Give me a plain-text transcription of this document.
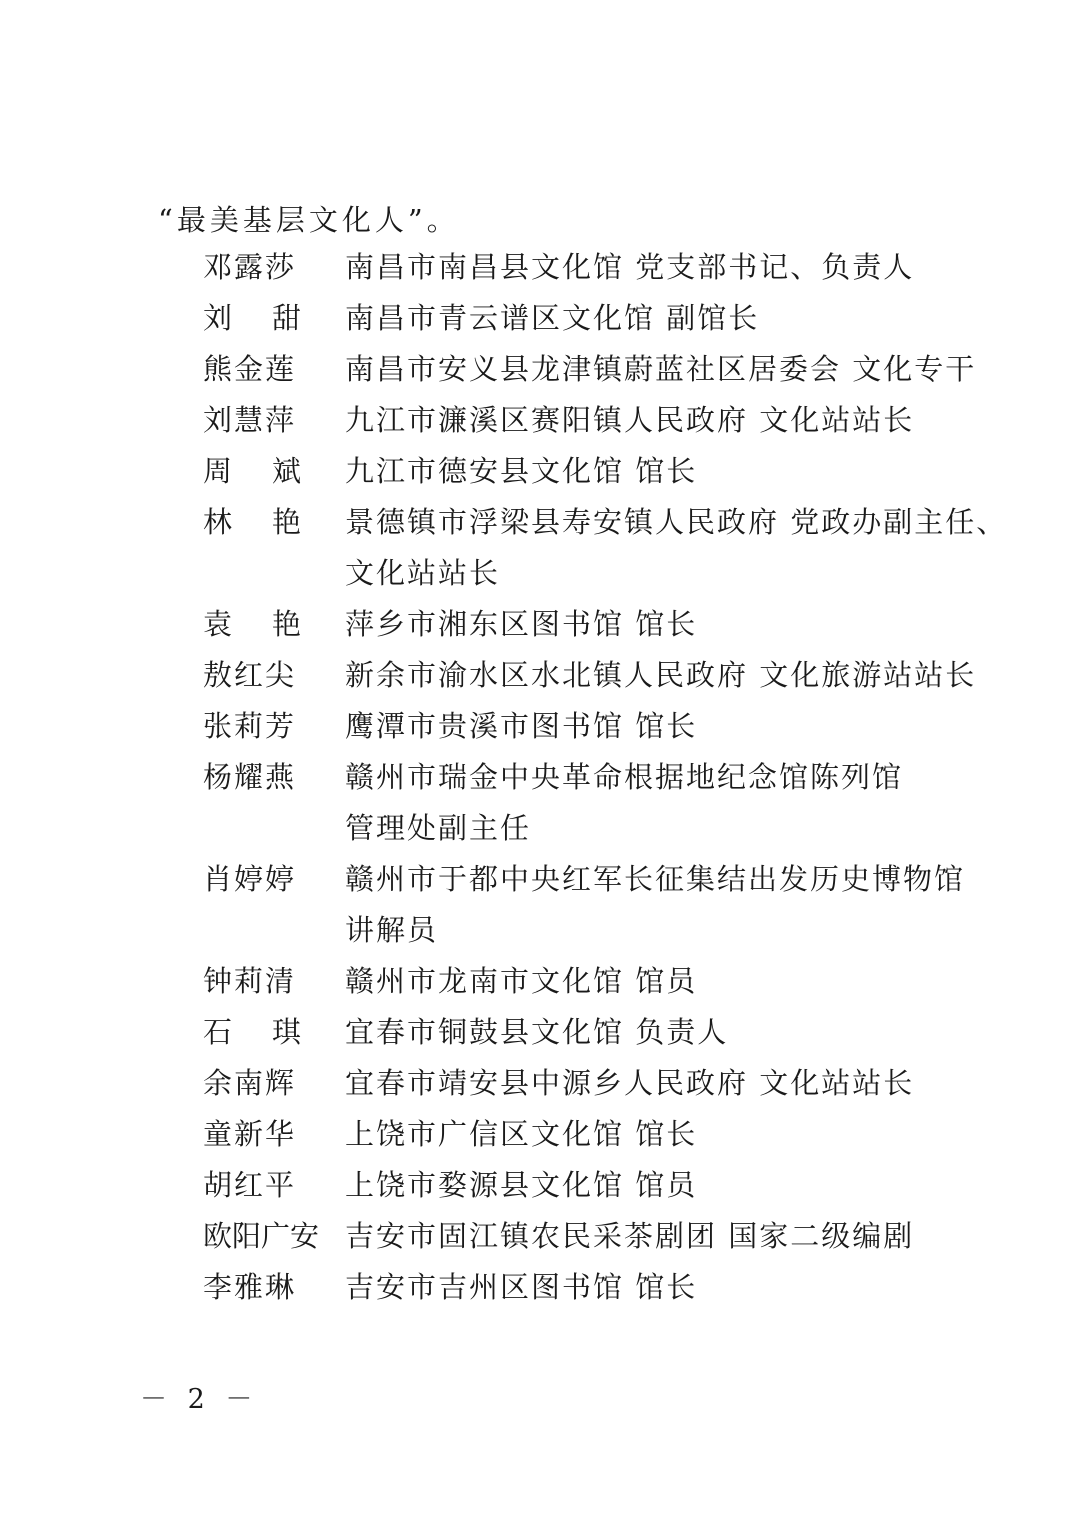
“最美基层文化人”。
邓露莎	南昌市南昌县文化馆 党支部书记、负责人
刘甜 南昌市青云谱区文化馆 副馆长
熊金莲	南昌市安义县龙津镇蔚蓝社区居委会 文化专干
刘慧萍	九江市濂溪区赛阳镇人民政府 文化站站长
周斌 九江市德安县文化馆 馆长
林艳 景德镇市浮梁县寿安镇人民政府 党政办副主任、
文化站站长
袁艳 萍乡市湘东区图书馆 馆长
敖红尖	新余市渝水区水北镇人民政府 文化旅游站站长
张莉芳	鹰潭市贵溪市图书馆 馆长
杨耀燕	赣州市瑞金中央革命根据地纪念馆陈列馆
管理处副主任
肖婷婷	赣州市于都中央红军长征集结出发历史博物馆
讲解员
钟莉清	赣州市龙南市文化馆 馆员
石琪 宜春市铜鼓县文化馆 负责人
余南辉	宜春市靖安县中源乡人民政府 文化站站长
童新华	上饶市广信区文化馆 馆长
胡红平	上饶市婺源县文化馆 馆员
欧阳广安 吉安市固江镇农民采茶剧团 国家二级编剧
李雅琳	吉安市吉州区图书馆 馆长
－ 2 －
